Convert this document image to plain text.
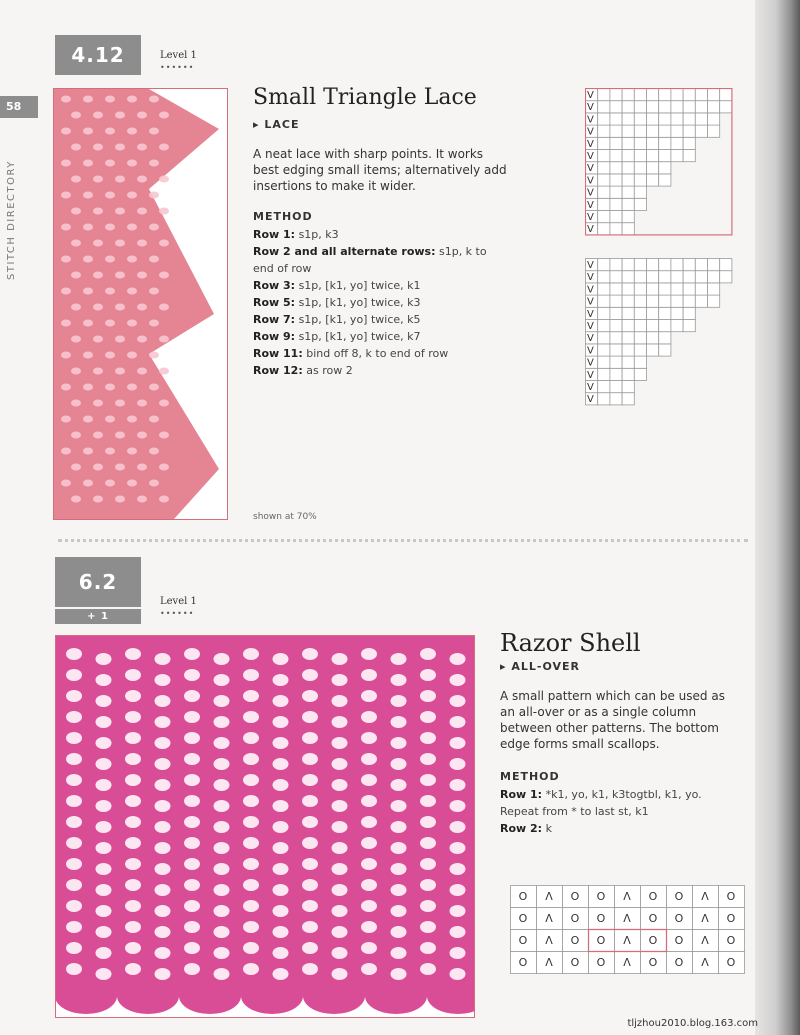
58
STITCH DIRECTORY
4.12	Level 1
••••••
Small Triangle Lace
▸ LACE
A neat lace with sharp points. It works best edging small items; alternatively add insertions to make it wider.
METHOD
Row 1: s1p, k3
Row 2 and all alternate rows: s1p, k to end of row
Row 3: s1p, [k1, yo] twice, k1
Row 5: s1p, [k1, yo] twice, k3
Row 7: s1p, [k1, yo] twice, k5
Row 9: s1p, [k1, yo] twice, k7
Row 11: bind off 8, k to end of row
Row 12: as row 2
shown at 70%
V
V
V
V
V
V
V
V
V
V
V
V
V
V
V
V
V
V
V
V
V
V
V
V
6.2
+ 1
Level 1
••••••
Razor Shell
▸ ALL-OVER
A small pattern which can be used as an all-over or as a single column between other patterns. The bottom edge forms small scallops.
METHOD
Row 1: *k1, yo, k1, k3togtbl, k1, yo. Repeat from * to last st, k1
Row 2: k
O Λ O O Λ O O Λ O
O Λ O O Λ O O Λ O
O Λ O O Λ O O Λ O
O Λ O O Λ O O Λ O
tljzhou2010.blog.163.com
